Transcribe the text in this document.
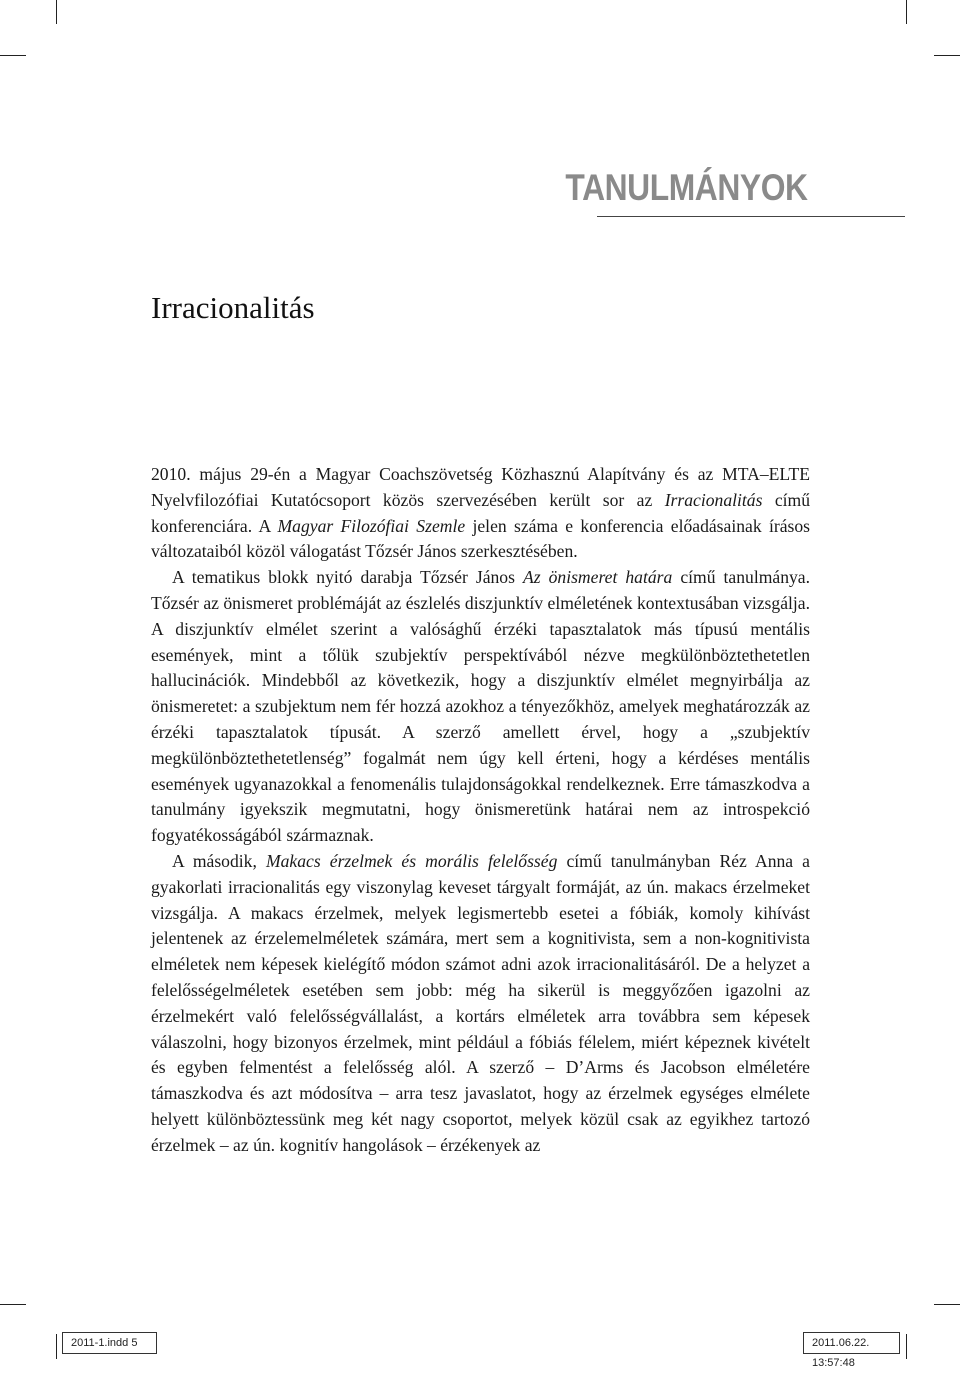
TANULMÁNYOK
Irracionalitás

2010. május 29-én a Magyar Coachszövetség Közhasznú Alapítvány és az MTA–ELTE Nyelvfilozófiai Kutatócsoport közös szervezésében került sor az Irracionalitás című konferenciára. A Magyar Filozófiai Szemle jelen száma e konferencia előadásainak írásos változataiból közöl válogatást Tőzsér János szerkesztésében.

A tematikus blokk nyitó darabja Tőzsér János Az önismeret határa című tanulmánya. Tőzsér az önismeret problémáját az észlelés diszjunktív elméletének kontextusában vizsgálja. A diszjunktív elmélet szerint a valósághű érzéki tapasztalatok más típusú mentális események, mint a tőlük szubjektív perspektívából nézve megkülönböztethetetlen hallucinációk. Mindebből az következik, hogy a diszjunktív elmélet megnyirbálja az önismeretet: a szubjektum nem fér hozzá azokhoz a tényezőkhöz, amelyek meghatározzák az érzéki tapasztalatok típusát. A szerző amellett érvel, hogy a „szubjektív megkülönböztethetetlenség” fogalmát nem úgy kell érteni, hogy a kérdéses mentális események ugyanazokkal a fenomenális tulajdonságokkal rendelkeznek. Erre támaszkodva a tanulmány igyekszik megmutatni, hogy önismeretünk határai nem az introspekció fogyatékosságából származnak.

A második, Makacs érzelmek és morális felelősség című tanulmányban Réz Anna a gyakorlati irracionalitás egy viszonylag keveset tárgyalt formáját, az ún. makacs érzelmeket vizsgálja. A makacs érzelmek, melyek legismertebb esetei a fóbiák, komoly kihívást jelentenek az érzelemelméletek számára, mert sem a kognitivista, sem a non-kognitivista elméletek nem képesek kielégítő módon számot adni azok irracionalitásáról. De a helyzet a felelősségelméletek esetében sem jobb: még ha sikerül is meggyőzően igazolni az érzelmekért való felelősségvállalást, a kortárs elméletek arra továbbra sem képesek válaszolni, hogy bizonyos érzelmek, mint például a fóbiás félelem, miért képeznek kivételt és egyben felmentést a felelősség alól. A szerző – D’Arms és Jacobson elméletére támaszkodva és azt módosítva – arra tesz javaslatot, hogy az érzelmek egységes elmélete helyett különböztessünk meg két nagy csoportot, melyek közül csak az egyikhez tartozó érzelmek – az ún. kognitív hangolások – érzékenyek az

2011-1.indd 5	2011.06.22. 13:57:48
